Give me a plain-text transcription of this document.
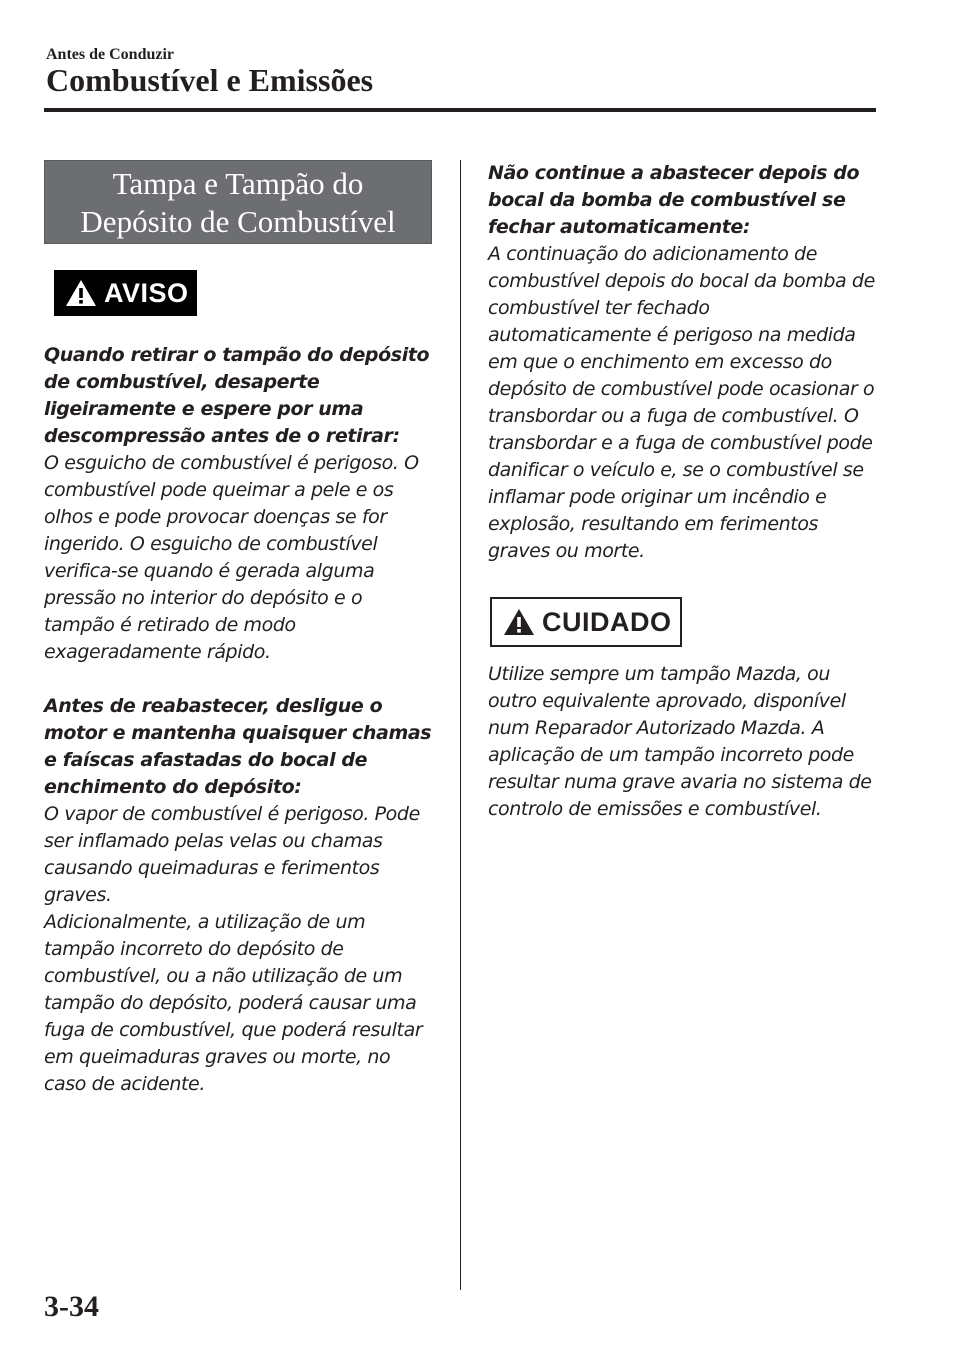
Antes de Conduzir
Combustível e Emissões
Tampa e Tampão do
Depósito de Combustível
AVISO

Quando retirar o tampão do depósito de combustível, desaperte ligeiramente e espere por uma descompressão antes de o retirar:

O esguicho de combustível é perigoso. O combustível pode queimar a pele e os olhos e pode provocar doenças se for ingerido. O esguicho de combustível verifica-se quando é gerada alguma pressão no interior do depósito e o tampão é retirado de modo exageradamente rápido.

Antes de reabastecer, desligue o motor e mantenha quaisquer chamas e faíscas afastadas do bocal de enchimento do depósito:

O vapor de combustível é perigoso. Pode ser inflamado pelas velas ou chamas causando queimaduras e ferimentos graves.

Adicionalmente, a utilização de um tampão incorreto do depósito de combustível, ou a não utilização de um tampão do depósito, poderá causar uma fuga de combustível, que poderá resultar em queimaduras graves ou morte, no caso de acidente.

Não continue a abastecer depois do bocal da bomba de combustível se fechar automaticamente:

A continuação do adicionamento de combustível depois do bocal da bomba de combustível ter fechado automaticamente é perigoso na medida em que o enchimento em excesso do depósito de combustível pode ocasionar o transbordar ou a fuga de combustível. O transbordar e a fuga de combustível pode danificar o veículo e, se o combustível se inflamar pode originar um incêndio e explosão, resultando em ferimentos graves ou morte.

CUIDADO

Utilize sempre um tampão Mazda, ou outro equivalente aprovado, disponível num Reparador Autorizado Mazda. A aplicação de um tampão incorreto pode resultar numa grave avaria no sistema de controlo de emissões e combustível.

3-34
